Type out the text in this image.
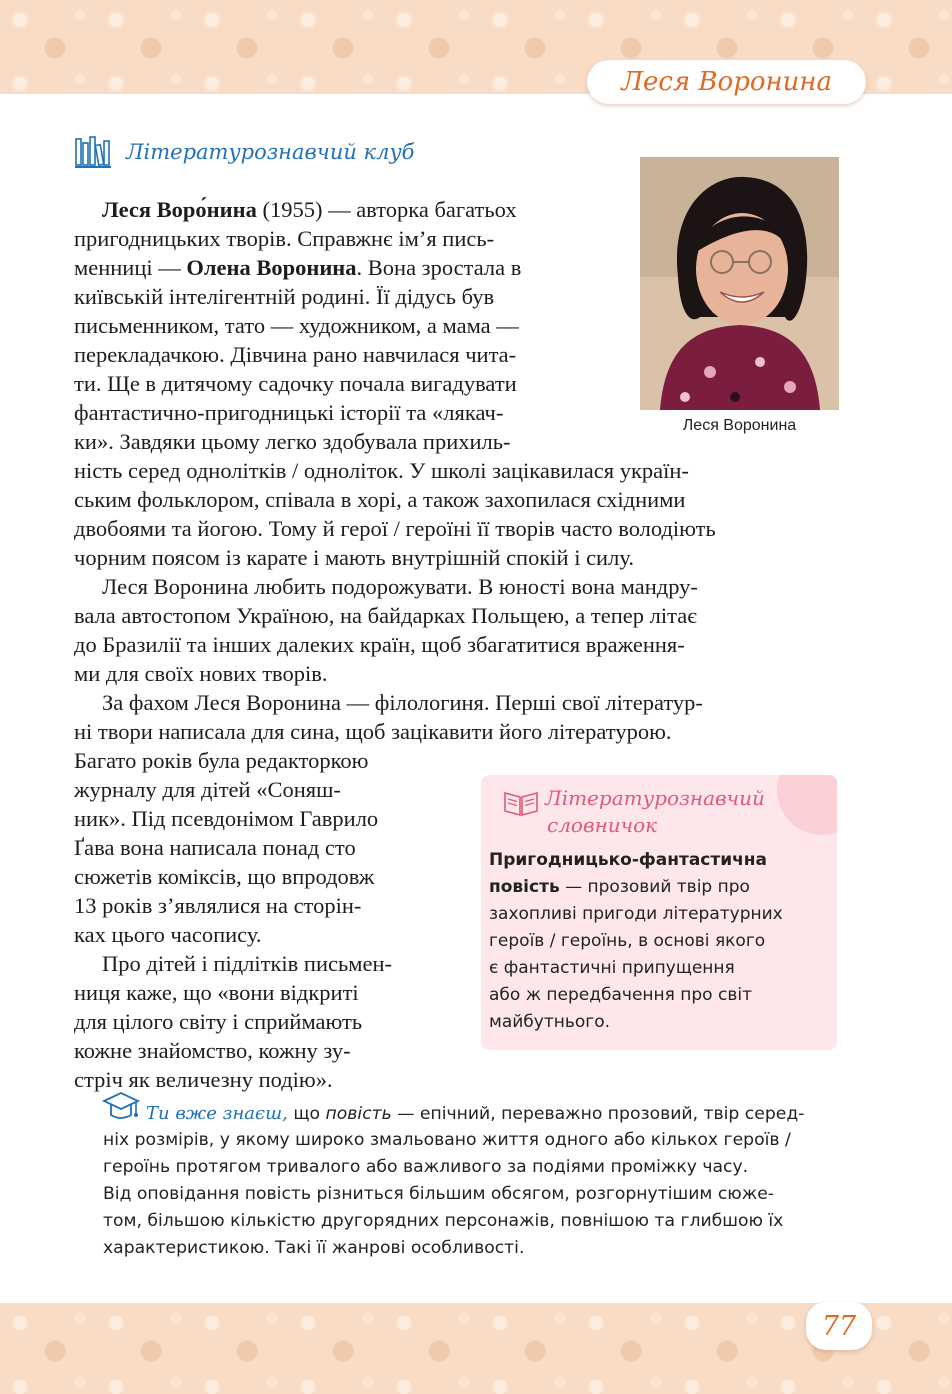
Леся Воронина
Літературознавчий клуб
Леся Воронина
Леся Воро́нина (1955) — авторка багатьох
пригодницьких творів. Справжнє ім’я пись-
менниці — Олена Воронина. Вона зростала в
київській інтелігентній родині. Її дідусь був
письменником, тато — художником, а мама —
перекладачкою. Дівчина рано навчилася чита-
ти. Ще в дитячому садочку почала вигадувати
фантастично-пригодницькі історії та «лякач-
ки». Завдяки цьому легко здобувала прихиль-
ність серед однолітків / одноліток. У школі зацікавилася україн-
ським фольклором, співала в хорі, а також захопилася східними
двобоями та йогою. Тому й герої / героїні її творів часто володіють
чорним поясом із карате і мають внутрішній спокій і силу.
Леся Воронина любить подорожувати. В юності вона мандру-
вала автостопом Україною, на байдарках Польщею, а тепер літає
до Бразилії та інших далеких країн, щоб збагатитися враження-
ми для своїх нових творів.
За фахом Леся Воронина — філологиня. Перші свої літератур-
ні твори написала для сина, щоб зацікавити його літературою.
Багато років була редакторкою
журналу для дітей «Соняш-
ник». Під псевдонімом Гаврило
Ґава вона написала понад сто
сюжетів коміксів, що впродовж
13 років з’являлися на сторін-
ках цього часопису.
Про дітей і підлітків письмен-
ниця каже, що «вони відкриті
для цілого світу і сприймають
кожне знайомство, кожну зу-
стріч як величезну подію».
Літературознавчий
словничок
Пригодницько-фантастична
повість — прозовий твір про
захопливі пригоди літературних
героїв / героїнь, в основі якого
є фантастичні припущення
або ж передбачення про світ
майбутнього.
Ти вже знаєш, що повість — епічний, переважно прозовий, твір серед-
ніх розмірів, у якому широко змальовано життя одного або кількох героїв /
героїнь протягом тривалого або важливого за подіями проміжку часу.
Від оповідання повість різниться більшим обсягом, розгорнутішим сюже-
том, більшою кількістю другорядних персонажів, повнішою та глибшою їх
характеристикою. Такі її жанрові особливості.
77
